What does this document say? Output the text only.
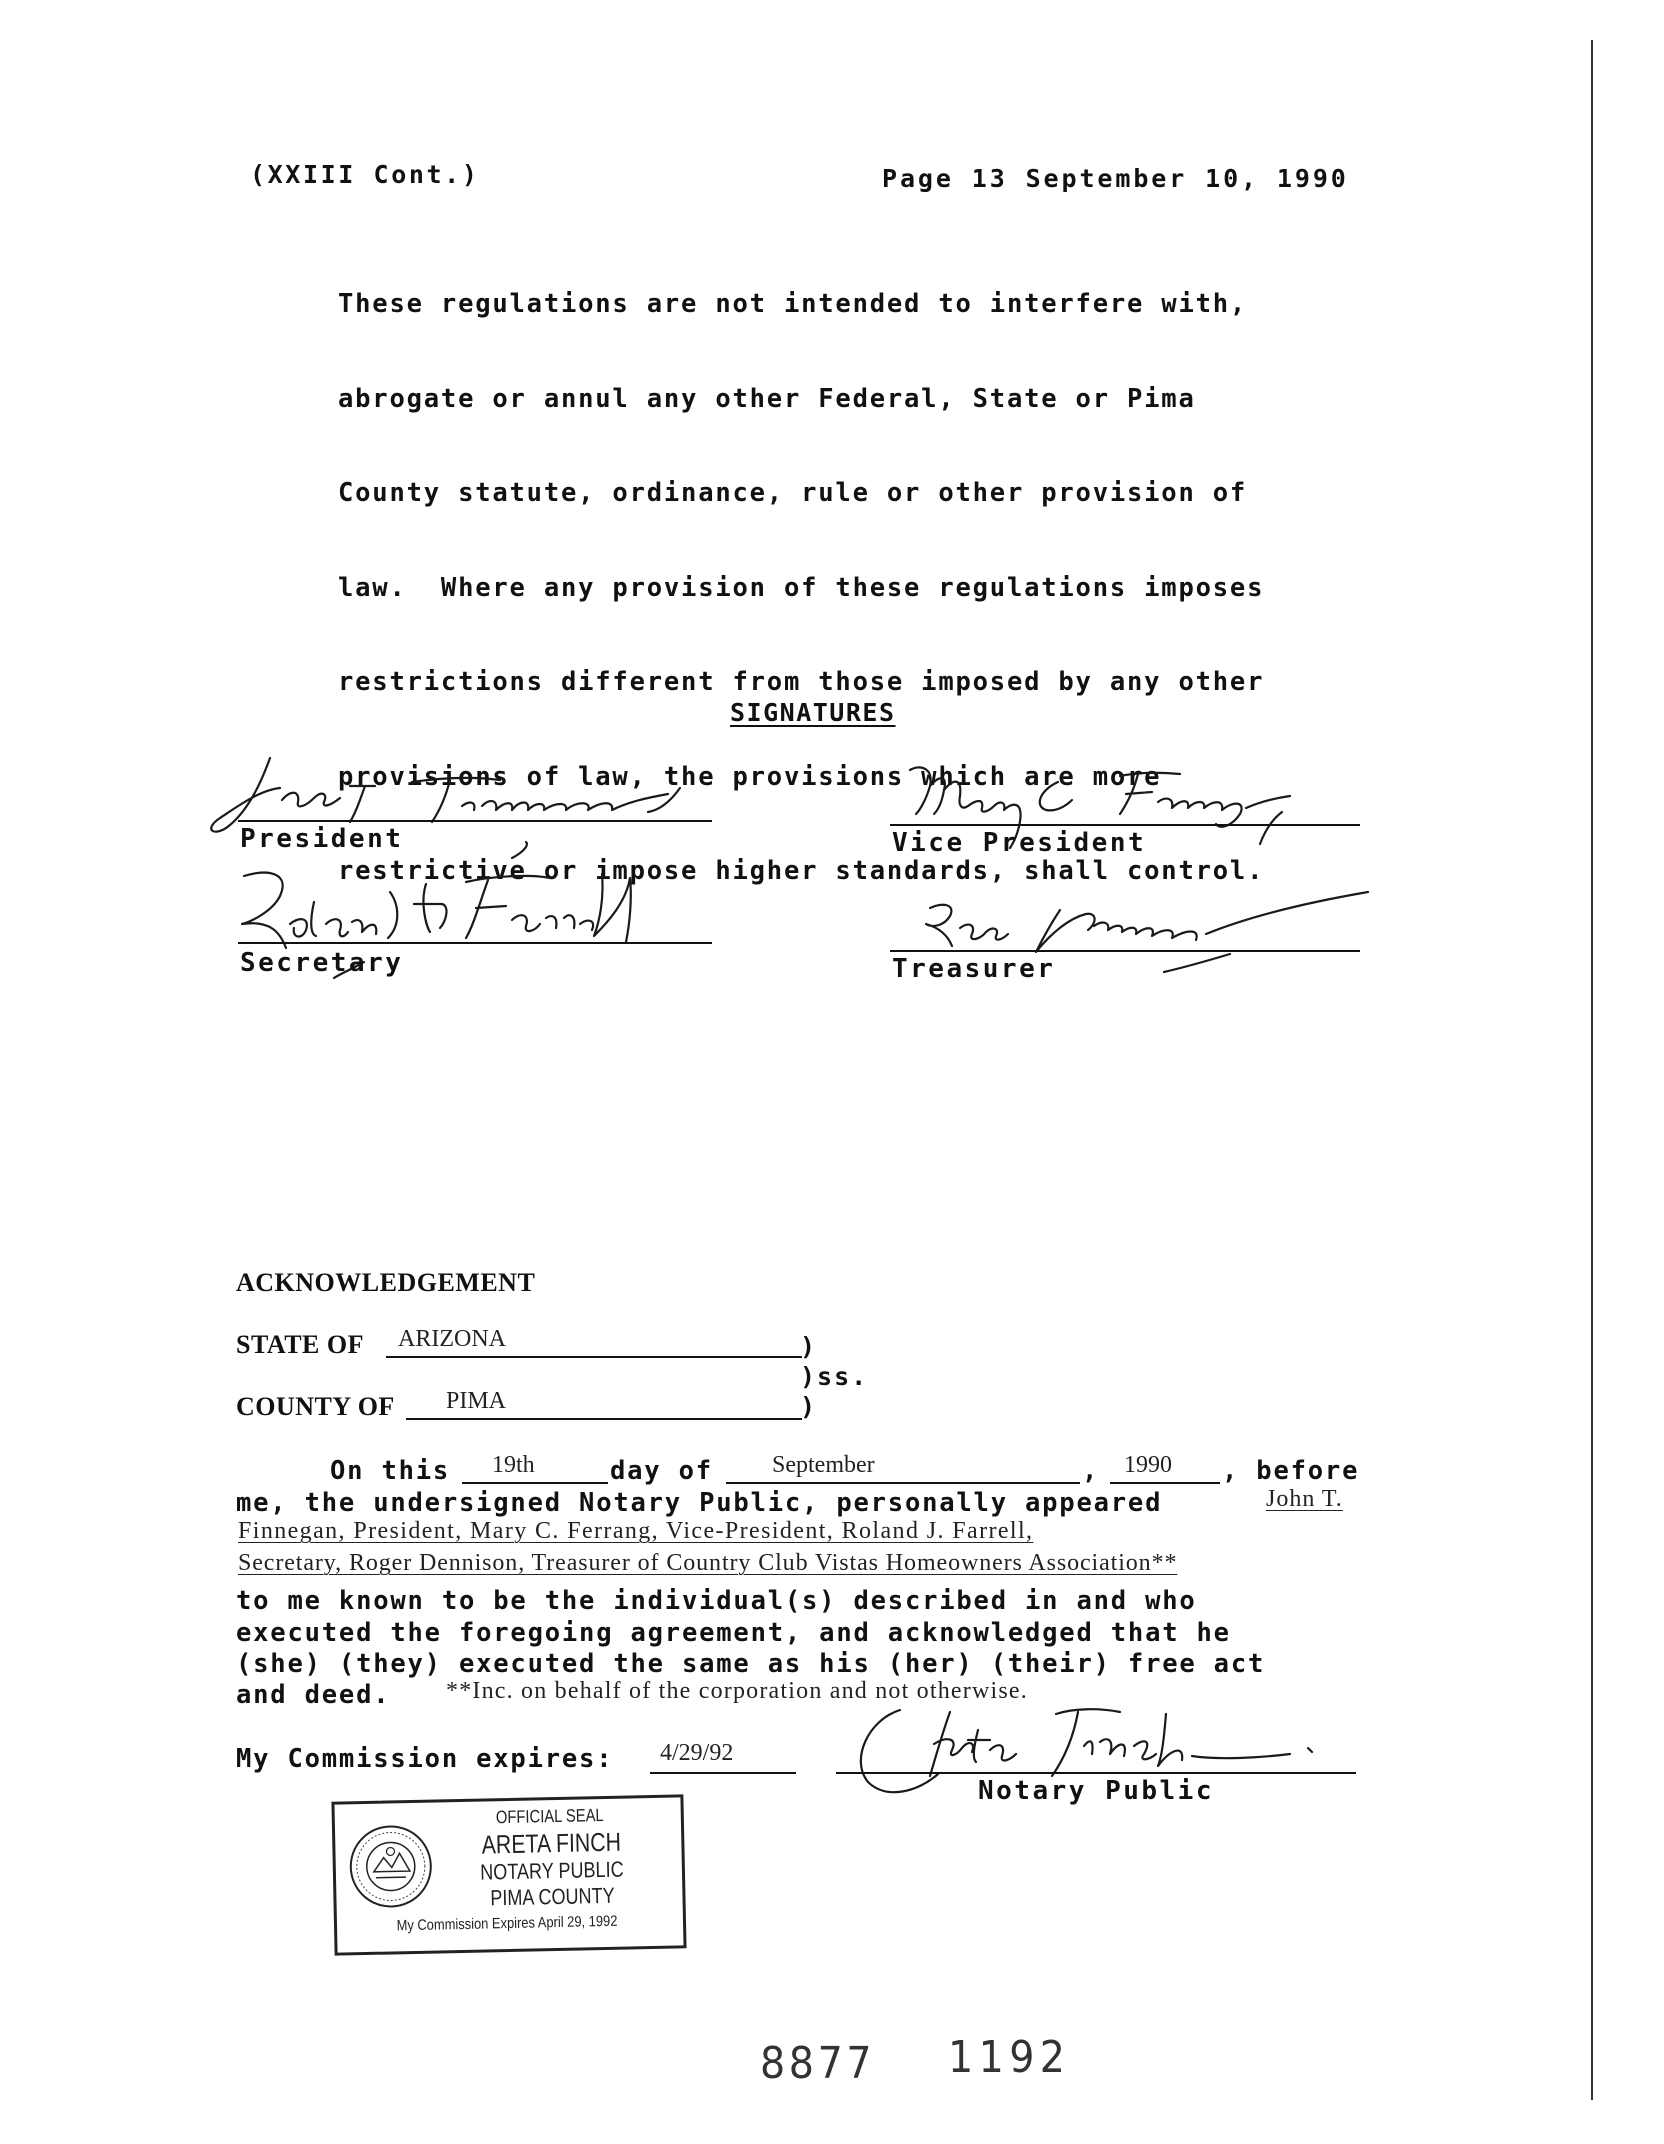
(XXIII Cont.)	Page 13 September 10, 1990

These regulations are not intended to interfere with,

abrogate or annul any other Federal, State or Pima

County statute, ordinance, rule or other provision of

law.  Where any provision of these regulations imposes

restrictions different from those imposed by any other

provisions of law, the provisions which are more

restrictive or impose higher standards, shall control.

SIGNATURES
President	Vice President
Secretary	Treasurer
ACKNOWLEDGEMENT
STATE OF ARIZONA	)
)ss.
COUNTY OF PIMA	)
On this 19th	day of September	, 1990 , before
me, the undersigned Notary Public, personally appeared	John T.
Finnegan, President, Mary C. Ferrang, Vice-President, Roland J. Farrell,
Secretary, Roger Dennison, Treasurer of Country Club Vistas Homeowners Association**
to me known to be the individual(s) described in and who
executed the foregoing agreement, and acknowledged that he
(she) (they) executed the same as his (her) (their) free act
and deed. **Inc. on behalf of the corporation and not otherwise.
My Commission expires: 4/29/92
Notary Public
OFFICIAL SEAL
ARETA FINCH
NOTARY PUBLIC
PIMA COUNTY
My Commission Expires April 29, 1992
8877 1192
